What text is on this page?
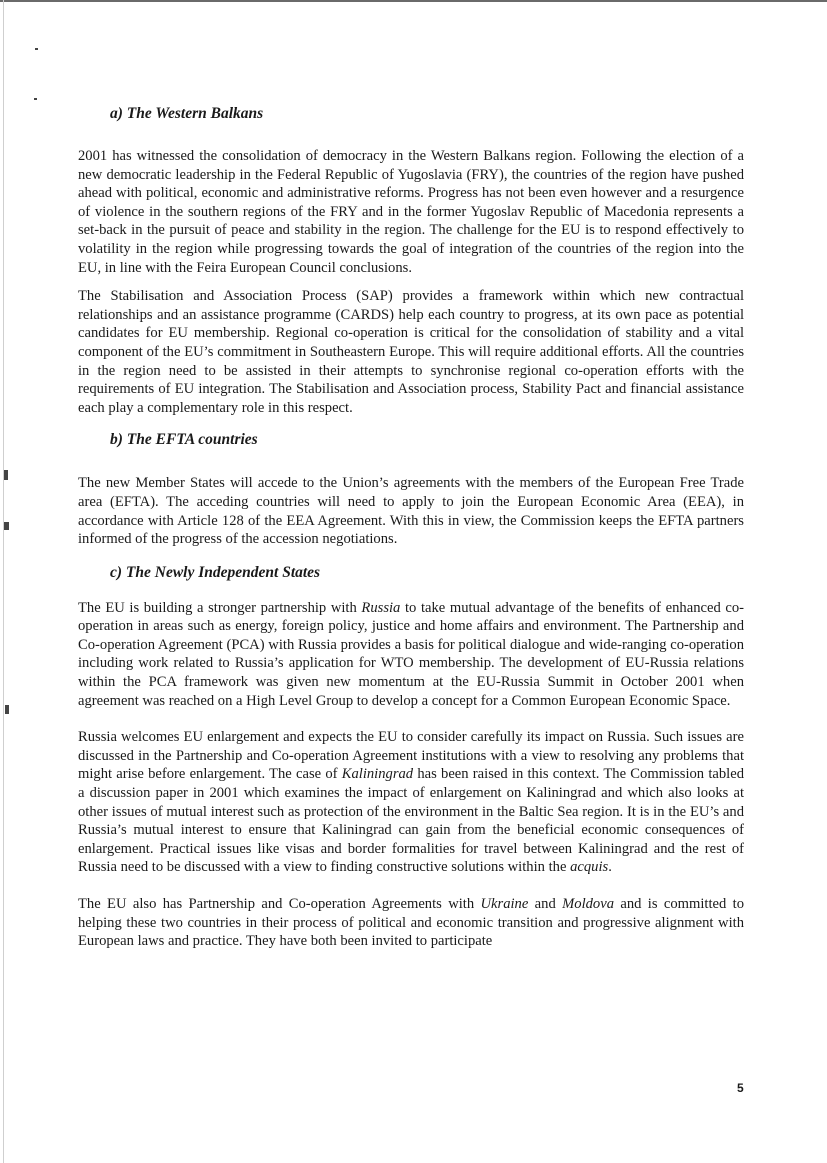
a) The Western Balkans

2001 has witnessed the consolidation of democracy in the Western Balkans region. Following the election of a new democratic leadership in the Federal Republic of Yugoslavia (FRY), the countries of the region have pushed ahead with political, economic and administrative reforms. Progress has not been even however and a resurgence of violence in the southern regions of the FRY and in the former Yugoslav Republic of Macedonia represents a set-back in the pursuit of peace and stability in the region. The challenge for the EU is to respond effectively to volatility in the region while progressing towards the goal of integration of the countries of the region into the EU, in line with the Feira European Council conclusions.

The Stabilisation and Association Process (SAP) provides a framework within which new contractual relationships and an assistance programme (CARDS) help each country to progress, at its own pace as potential candidates for EU membership. Regional co-operation is critical for the consolidation of stability and a vital component of the EU’s commitment in Southeastern Europe. This will require additional efforts. All the countries in the region need to be assisted in their attempts to synchronise regional co-operation efforts with the requirements of EU integration. The Stabilisation and Association process, Stability Pact and financial assistance each play a complementary role in this respect.

b) The EFTA countries

The new Member States will accede to the Union’s agreements with the members of the European Free Trade area (EFTA). The acceding countries will need to apply to join the European Economic Area (EEA), in accordance with Article 128 of the EEA Agreement. With this in view, the Commission keeps the EFTA partners informed of the progress of the accession negotiations.

c) The Newly Independent States

The EU is building a stronger partnership with Russia to take mutual advantage of the benefits of enhanced co-operation in areas such as energy, foreign policy, justice and home affairs and environment. The Partnership and Co-operation Agreement (PCA) with Russia provides a basis for political dialogue and wide-ranging co-operation including work related to Russia’s application for WTO membership. The development of EU-Russia relations within the PCA framework was given new momentum at the EU-Russia Summit in October 2001 when agreement was reached on a High Level Group to develop a concept for a Common European Economic Space.

Russia welcomes EU enlargement and expects the EU to consider carefully its impact on Russia. Such issues are discussed in the Partnership and Co-operation Agreement institutions with a view to resolving any problems that might arise before enlargement. The case of Kaliningrad has been raised in this context. The Commission tabled a discussion paper in 2001 which examines the impact of enlargement on Kaliningrad and which also looks at other issues of mutual interest such as protection of the environment in the Baltic Sea region. It is in the EU’s and Russia’s mutual interest to ensure that Kaliningrad can gain from the beneficial economic consequences of enlargement. Practical issues like visas and border formalities for travel between Kaliningrad and the rest of Russia need to be discussed with a view to finding constructive solutions within the acquis.

The EU also has Partnership and Co-operation Agreements with Ukraine and Moldova and is committed to helping these two countries in their process of political and economic transition and progressive alignment with European laws and practice. They have both been invited to participate

5
